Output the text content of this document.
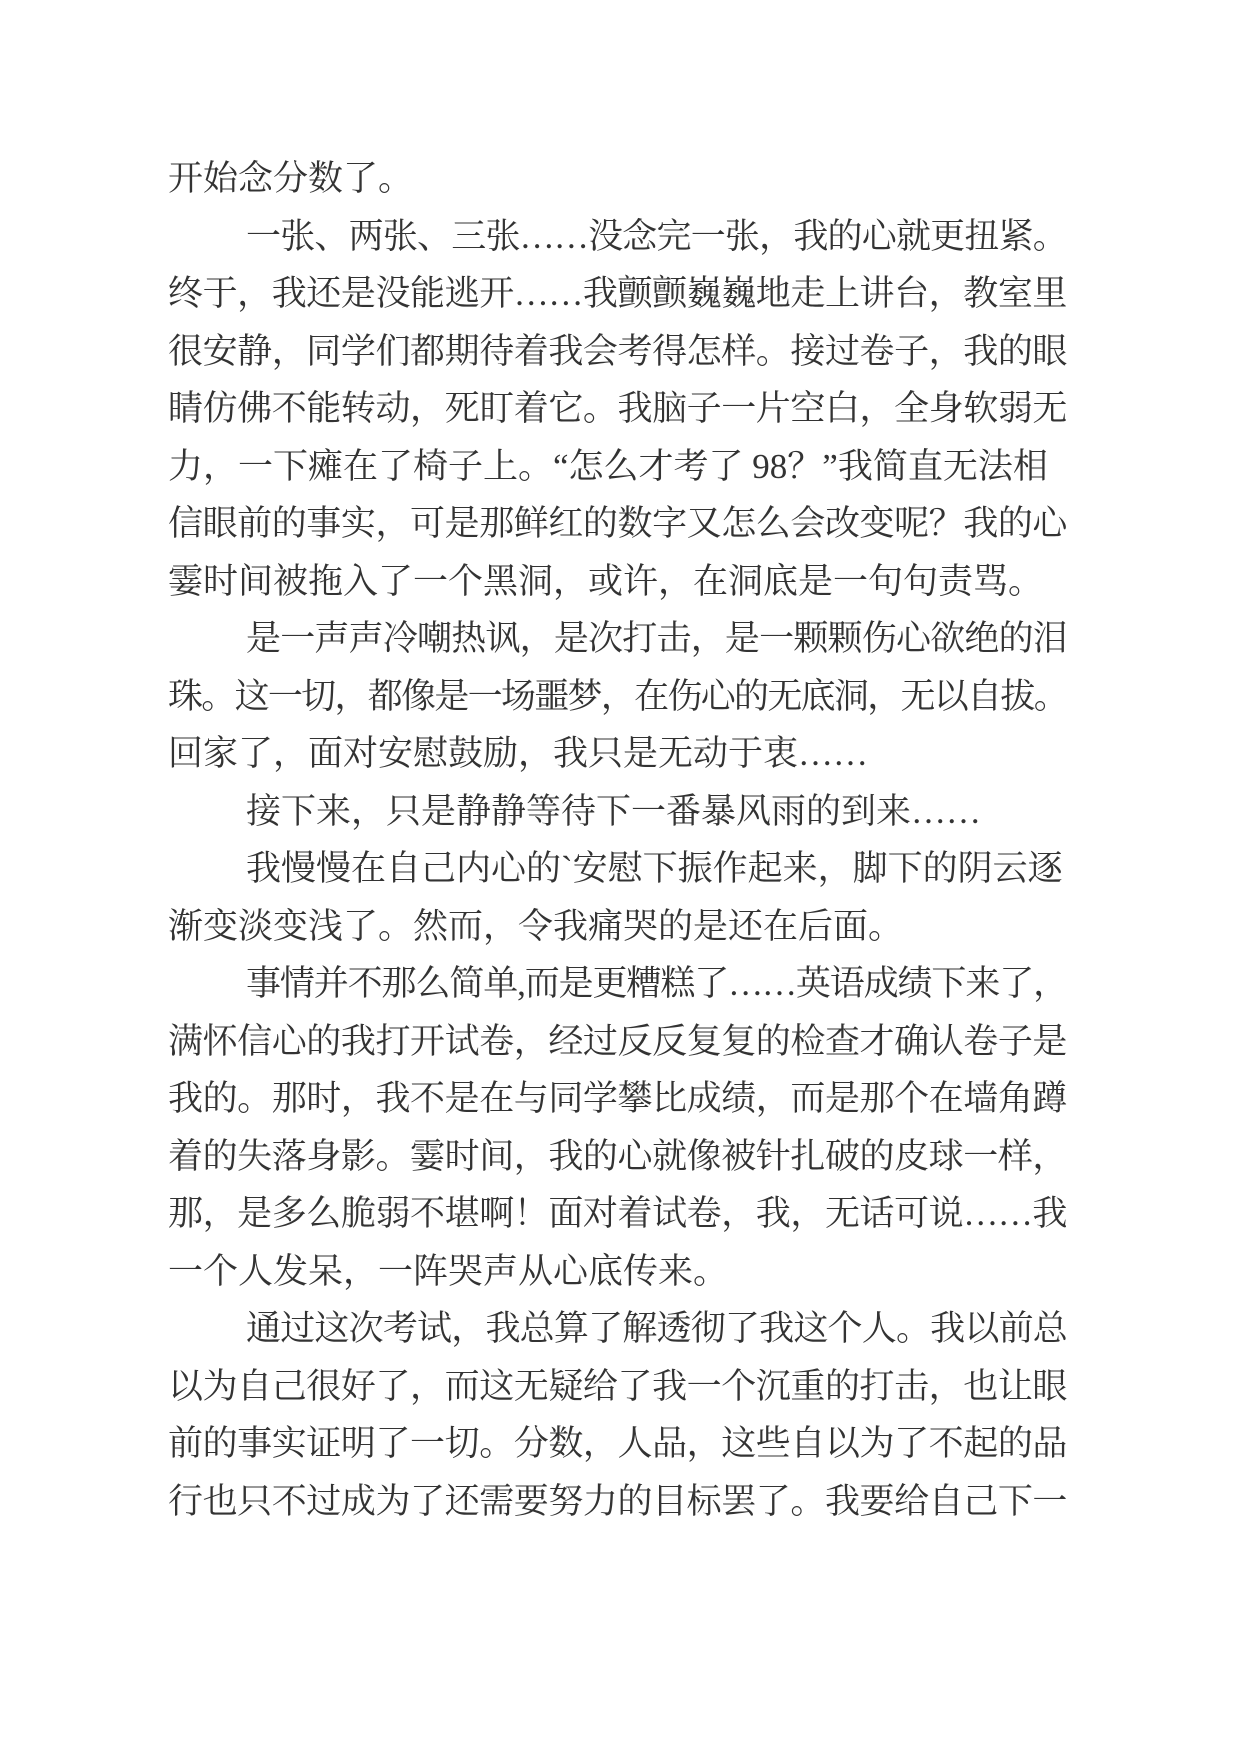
开始念分数了。
一张、两张、三张……没念完一张，我的心就更扭紧。
终于，我还是没能逃开……我颤颤巍巍地走上讲台，教室里
很安静，同学们都期待着我会考得怎样。接过卷子，我的眼
睛仿佛不能转动，死盯着它。我脑子一片空白，全身软弱无
力，一下瘫在了椅子上。“怎么才考了 98？”我简直无法相
信眼前的事实，可是那鲜红的数字又怎么会改变呢？我的心
霎时间被拖入了一个黑洞，或许，在洞底是一句句责骂。
是一声声冷嘲热讽，是次打击，是一颗颗伤心欲绝的泪
珠。这一切，都像是一场噩梦，在伤心的无底洞，无以自拔。
回家了，面对安慰鼓励，我只是无动于衷……
接下来，只是静静等待下一番暴风雨的到来……
我慢慢在自己内心的`安慰下振作起来，脚下的阴云逐
渐变淡变浅了。然而，令我痛哭的是还在后面。
事情并不那么简单,而是更糟糕了……英语成绩下来了，
满怀信心的我打开试卷，经过反反复复的检查才确认卷子是
我的。那时，我不是在与同学攀比成绩，而是那个在墙角蹲
着的失落身影。霎时间，我的心就像被针扎破的皮球一样，
那，是多么脆弱不堪啊！面对着试卷，我，无话可说……我
一个人发呆，一阵哭声从心底传来。
通过这次考试，我总算了解透彻了我这个人。我以前总
以为自己很好了，而这无疑给了我一个沉重的打击，也让眼
前的事实证明了一切。分数，人品，这些自以为了不起的品
行也只不过成为了还需要努力的目标罢了。我要给自己下一
